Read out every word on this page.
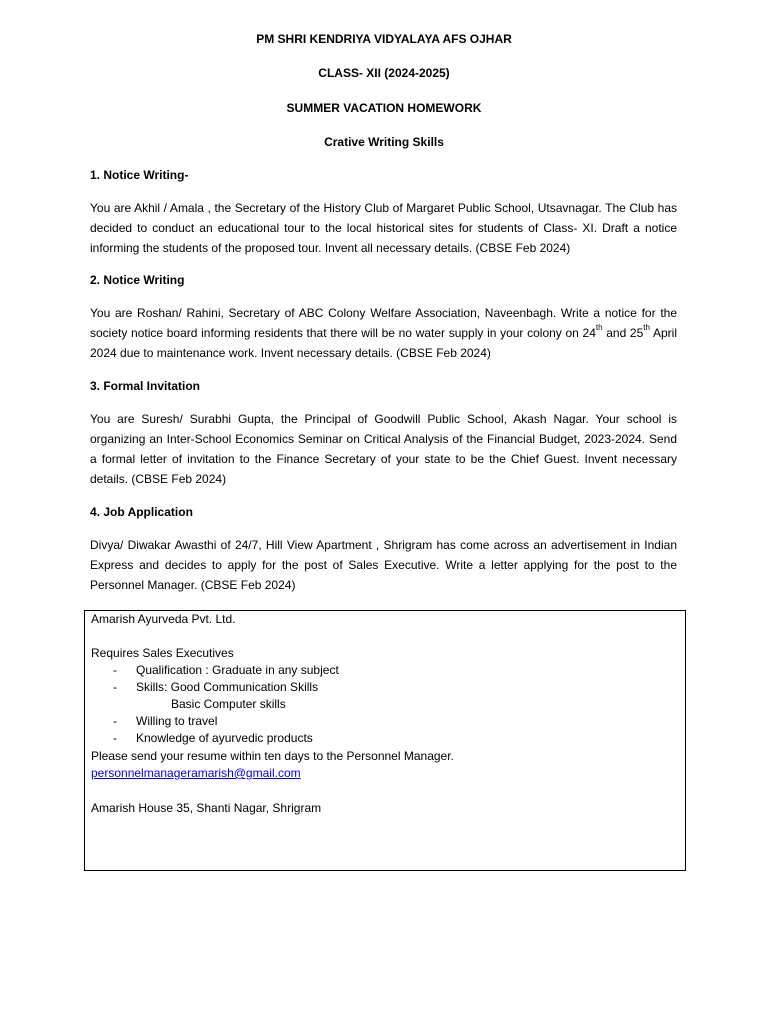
PM SHRI KENDRIYA VIDYALAYA AFS OJHAR
CLASS- XII (2024-2025)
SUMMER VACATION HOMEWORK
Crative Writing Skills
1. Notice Writing-
You are Akhil / Amala , the Secretary of the History Club of Margaret Public School, Utsavnagar. The Club has decided to conduct an educational tour to the local historical sites for students of Class- XI. Draft a notice informing the students of the proposed tour. Invent all necessary details. (CBSE Feb 2024)
2. Notice Writing
You are Roshan/ Rahini, Secretary of ABC Colony Welfare Association, Naveenbagh. Write a notice for the society notice board informing residents that there will be no water supply in your colony on 24th and 25th April 2024 due to maintenance work. Invent necessary details. (CBSE Feb 2024)
3. Formal Invitation
You are Suresh/ Surabhi Gupta, the Principal of Goodwill Public School, Akash Nagar. Your school is organizing an Inter-School Economics Seminar on Critical Analysis of the Financial Budget, 2023-2024. Send a formal letter of invitation to the Finance Secretary of your state to be the Chief Guest. Invent necessary details. (CBSE Feb 2024)
4. Job Application
Divya/ Diwakar Awasthi of 24/7, Hill View Apartment , Shrigram has come across an advertisement in Indian Express and decides to apply for the post of Sales Executive. Write a letter applying for the post to the Personnel Manager. (CBSE Feb 2024)
Amarish Ayurveda Pvt. Ltd.
Requires Sales Executives
- Qualification : Graduate in any subject
- Skills: Good Communication Skills
Basic Computer skills
- Willing to travel
- Knowledge of ayurvedic products
Please send your resume within ten days to the Personnel Manager.
personnelmanageramarish@gmail.com
Amarish House 35, Shanti Nagar, Shrigram
